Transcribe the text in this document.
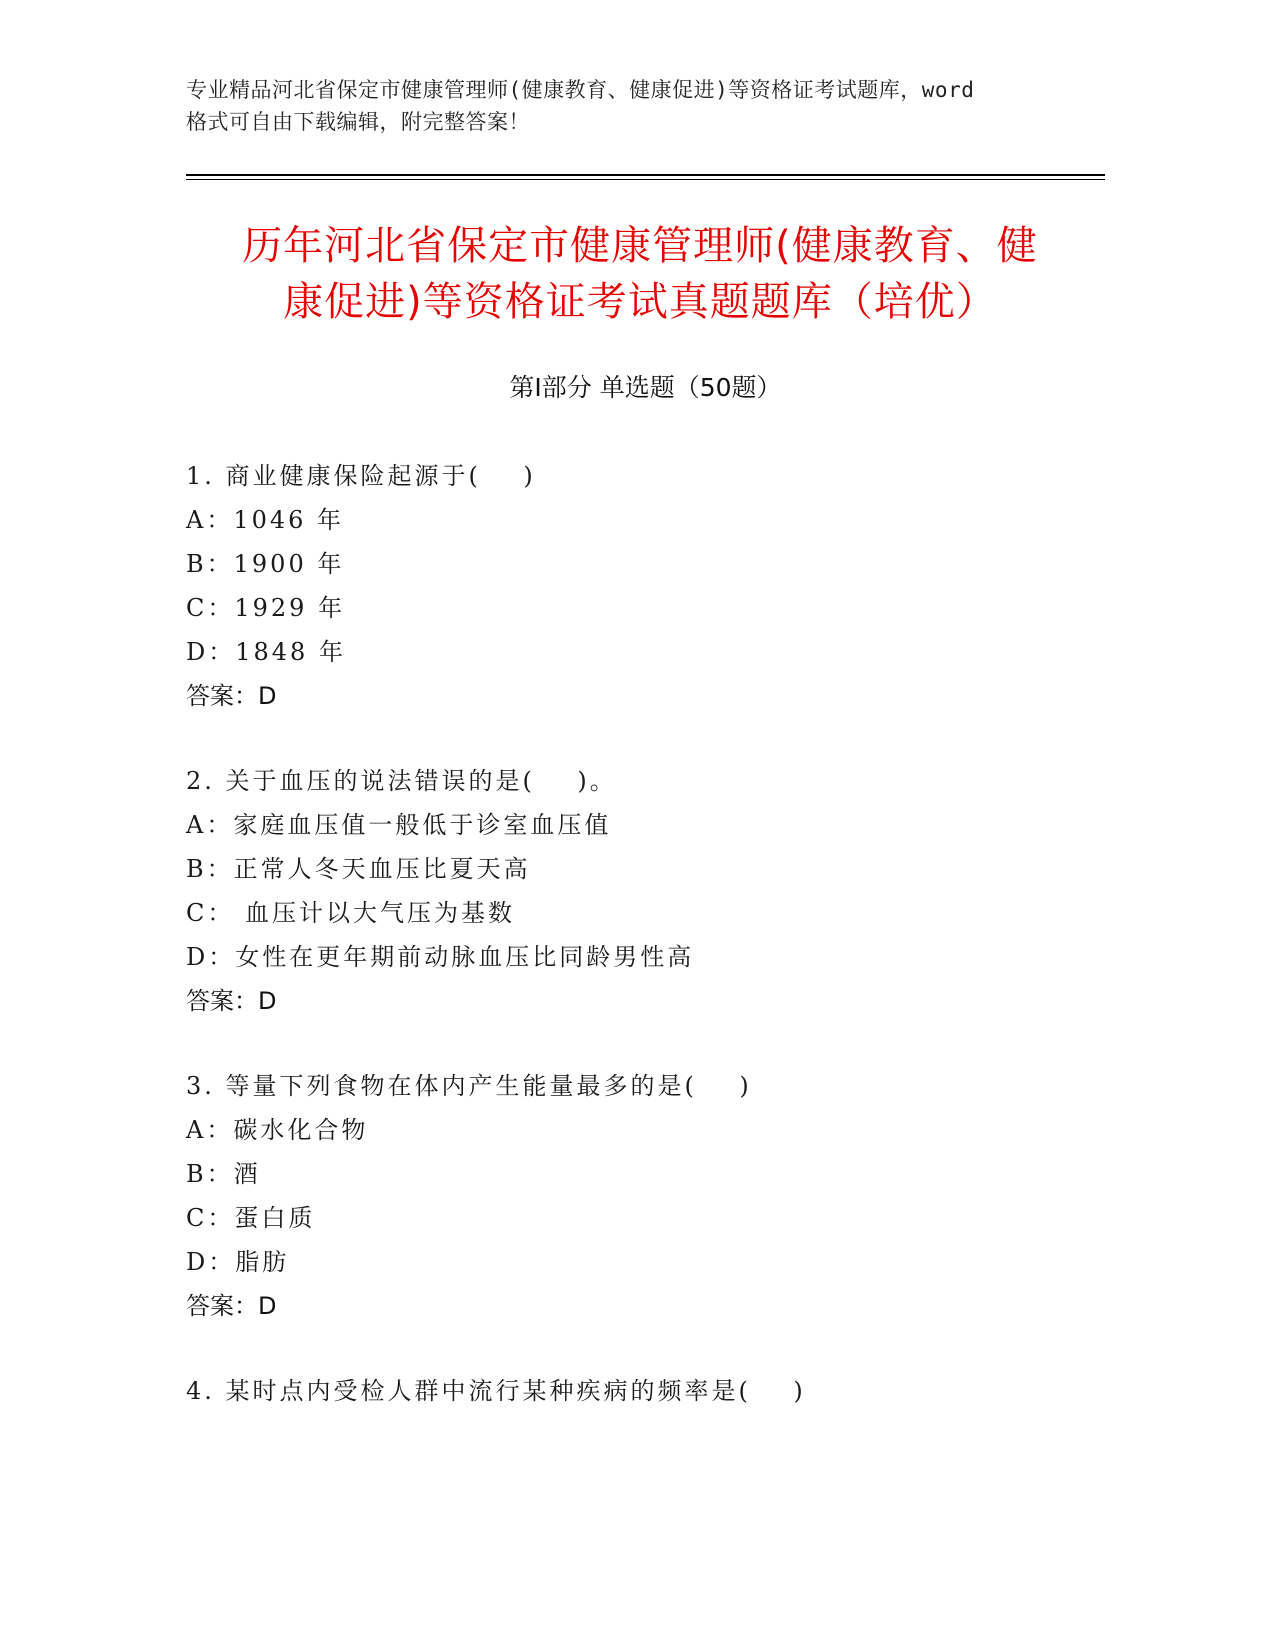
专业精品河北省保定市健康管理师(健康教育、健康促进)等资格证考试题库，word

格式可自由下载编辑，附完整答案！

历年河北省保定市健康管理师(健康教育、健
康促进)等资格证考试真题题库（培优）
第Ⅰ部分 单选题（50题）
1. 商业健康保险起源于(    )
A：1046 年
B：1900 年
C：1929 年
D：1848 年
答案：D
2. 关于血压的说法错误的是(    )。
A：家庭血压值一般低于诊室血压值
B：正常人冬天血压比夏天高
C： 血压计以大气压为基数
D：女性在更年期前动脉血压比同龄男性高
答案：D
3. 等量下列食物在体内产生能量最多的是(    )
A：碳水化合物
B：酒
C：蛋白质
D：脂肪
答案：D
4. 某时点内受检人群中流行某种疾病的频率是(    )
